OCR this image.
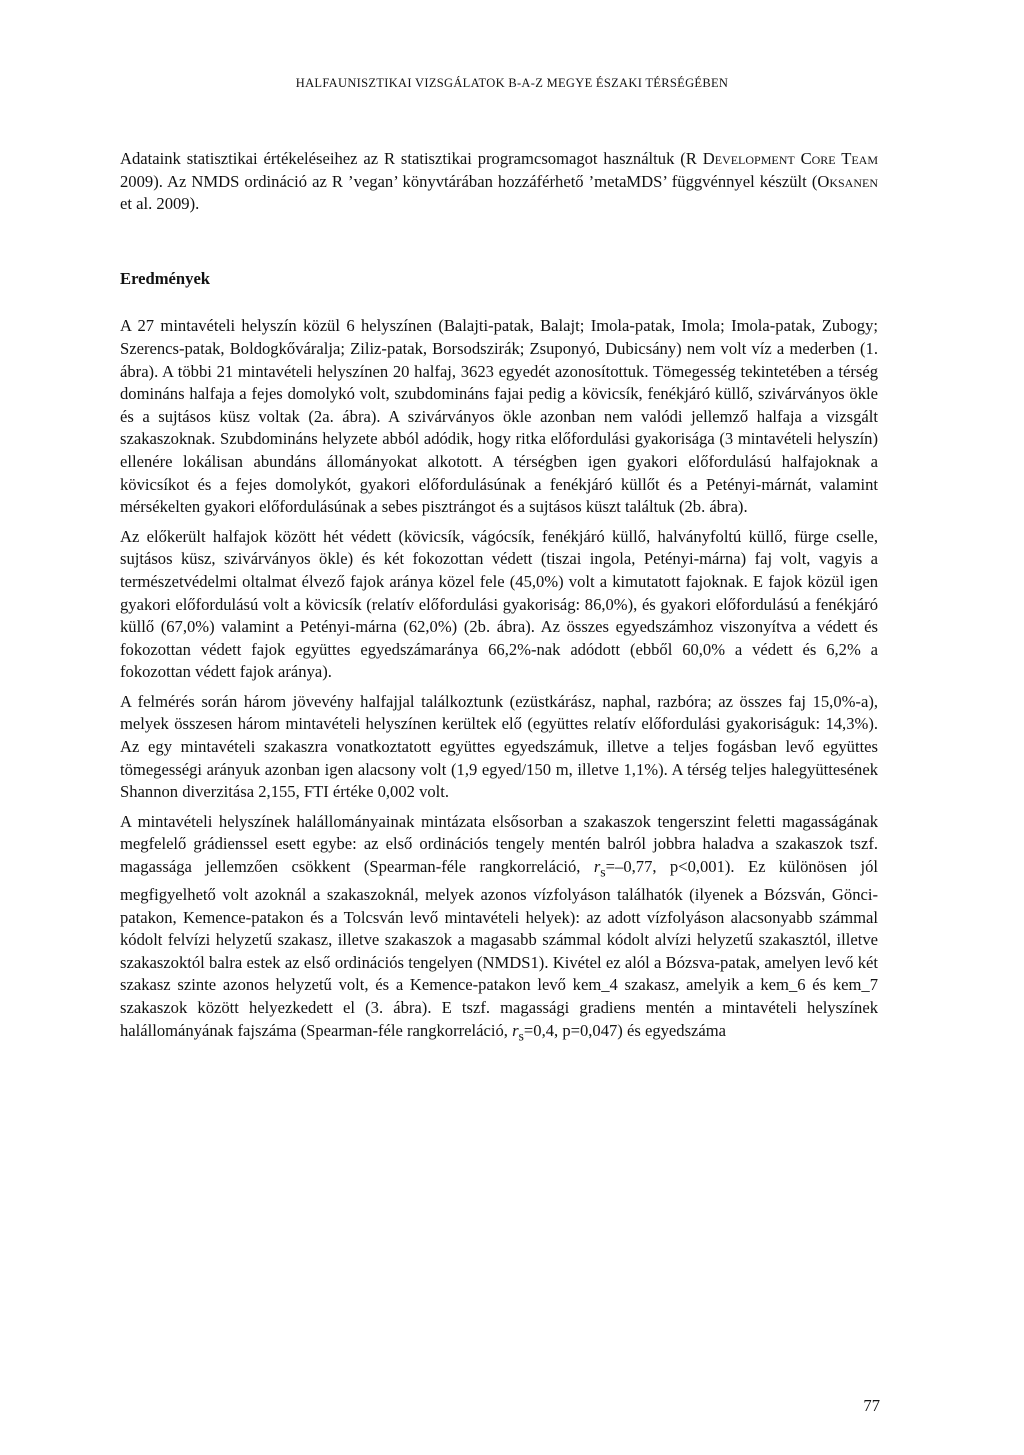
HALFAUNISZTIKAI VIZSGÁLATOK B-A-Z MEGYE ÉSZAKI TÉRSÉGÉBEN

Adataink statisztikai értékeléseihez az R statisztikai programcsomagot használtuk (R Development Core Team 2009). Az NMDS ordináció az R ’vegan’ könyvtárában hozzáférhető ’metaMDS’ függvénnyel készült (Oksanen et al. 2009).

Eredmények

A 27 mintavételi helyszín közül 6 helyszínen (Balajti-patak, Balajt; Imola-patak, Imola; Imola-patak, Zubogy; Szerencs-patak, Boldogkőváralja; Ziliz-patak, Borsodszirák; Zsuponyó, Dubicsány) nem volt víz a mederben (1. ábra). A többi 21 mintavételi helyszínen 20 halfaj, 3623 egyedét azonosítottuk. Tömegesség tekintetében a térség domináns halfaja a fejes domolykó volt, szubdomináns fajai pedig a kövicsík, fenékjáró küllő, szivárványos ökle és a sujtásos küsz voltak (2a. ábra). A szivárványos ökle azonban nem valódi jellemző halfaja a vizsgált szakaszoknak. Szubdomináns helyzete abból adódik, hogy ritka előfordulási gyakorisága (3 mintavételi helyszín) ellenére lokálisan abundáns állományokat alkotott. A térségben igen gyakori előfordulású halfajoknak a kövicsíkot és a fejes domolykót, gyakori előfordulásúnak a fenékjáró küllőt és a Petényi-márnát, valamint mérsékelten gyakori előfordulásúnak a sebes pisztrángot és a sujtásos küszt találtuk (2b. ábra).

Az előkerült halfajok között hét védett (kövicsík, vágócsík, fenékjáró küllő, halványfoltú küllő, fürge cselle, sujtásos küsz, szivárványos ökle) és két fokozottan védett (tiszai ingola, Petényi-márna) faj volt, vagyis a természetvédelmi oltalmat élvező fajok aránya közel fele (45,0%) volt a kimutatott fajoknak. E fajok közül igen gyakori előfordulású volt a kövicsík (relatív előfordulási gyakoriság: 86,0%), és gyakori előfordulású a fenékjáró küllő (67,0%) valamint a Petényi-márna (62,0%) (2b. ábra). Az összes egyedszámhoz viszonyítva a védett és fokozottan védett fajok együttes egyedszámaránya 66,2%-nak adódott (ebből 60,0% a védett és 6,2% a fokozottan védett fajok aránya).

A felmérés során három jövevény halfajjal találkoztunk (ezüstkárász, naphal, razbóra; az összes faj 15,0%-a), melyek összesen három mintavételi helyszínen kerültek elő (együttes relatív előfordulási gyakoriságuk: 14,3%). Az egy mintavételi szakaszra vonatkoztatott együttes egyedszámuk, illetve a teljes fogásban levő együttes tömegességi arányuk azonban igen alacsony volt (1,9 egyed/150 m, illetve 1,1%). A térség teljes halegyüttesének Shannon diverzitása 2,155, FTI értéke 0,002 volt.

A mintavételi helyszínek halállományainak mintázata elsősorban a szakaszok tengerszint feletti magasságának megfelelő grádienssel esett egybe: az első ordinációs tengely mentén balról jobbra haladva a szakaszok tszf. magassága jellemzően csökkent (Spearman-féle rangkorreláció, $r_s=-0,77$, p<0,001). Ez különösen jól megfigyelhető volt azoknál a szakaszoknál, melyek azonos vízfolyáson találhatók (ilyenek a Bózsván, Gönci-patakon, Kemence-patakon és a Tolcsván levő mintavételi helyek): az adott vízfolyáson alacsonyabb számmal kódolt felvízi helyzetű szakasz, illetve szakaszok a magasabb számmal kódolt alvízi helyzetű szakasztól, illetve szakaszoktól balra estek az első ordinációs tengelyen (NMDS1). Kivétel ez alól a Bózsva-patak, amelyen levő két szakasz szinte azonos helyzetű volt, és a Kemence-patakon levő kem_4 szakasz, amelyik a kem_6 és kem_7 szakaszok között helyezkedett el (3. ábra). E tszf. magassági gradiens mentén a mintavételi helyszínek halállományának fajszáma (Spearman-féle rangkorreláció, $r_s=0,4$, p=0,047) és egyedszáma

77
